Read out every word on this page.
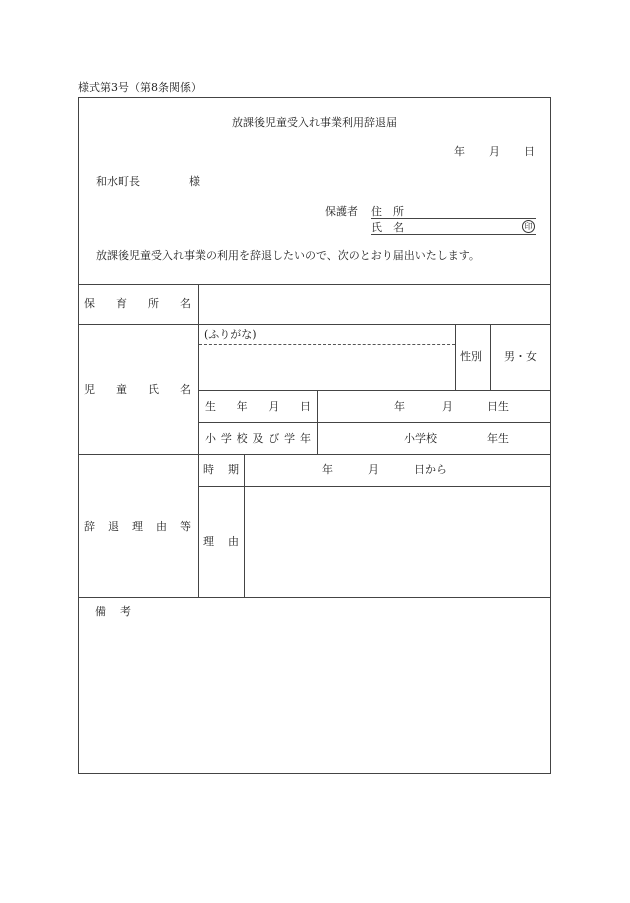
様式第3号（第8条関係）
放課後児童受入れ事業利用辞退届
年 月 日
和水町長	様
保護者 住　所
氏　名	印
放課後児童受入れ事業の利用を辞退したいので、次のとおり届出いたします。
保 育 所 名
児 童 氏 名
(ふりがな)
性別 男・女
生 年 月 日	年	月	日生
小 学 校 及 び 学 年	小学校	年生
辞 退 理 由 等
時 期	年	月	日から
理 由
備 考
